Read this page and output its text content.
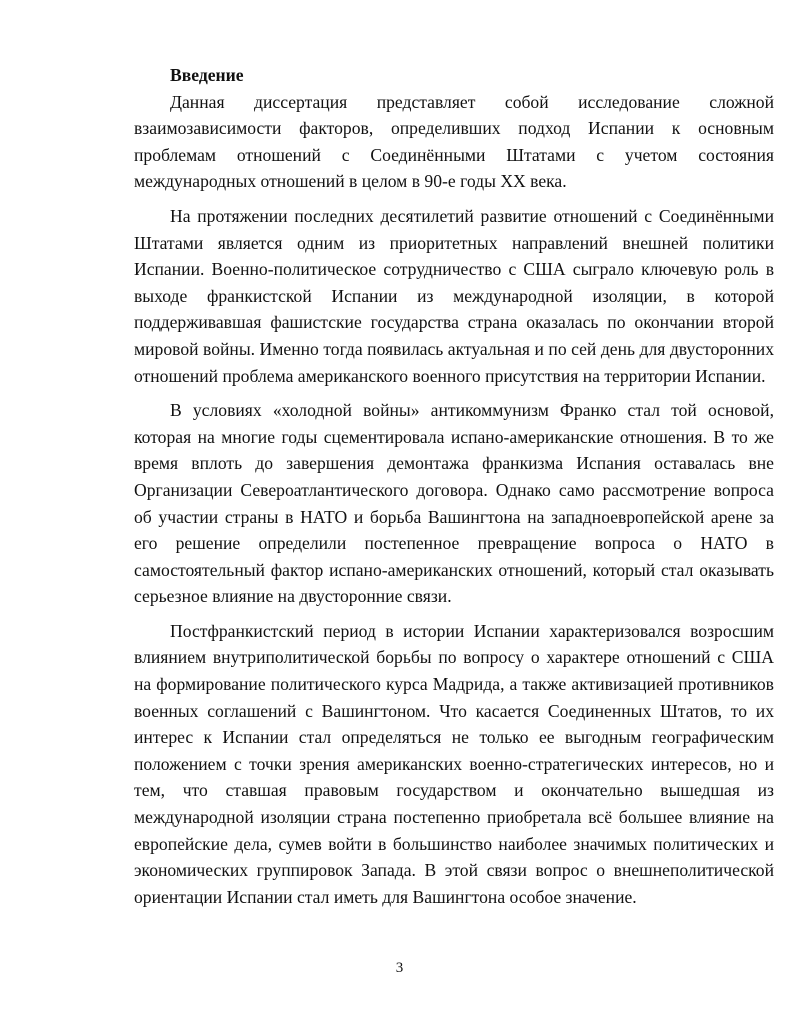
Введение

Данная диссертация представляет собой исследование сложной взаимозависимости факторов, определивших подход Испании к основным проблемам отношений с Соединёнными Штатами с учетом состояния международных отношений в целом в 90-е годы XX века.

На протяжении последних десятилетий развитие отношений с Соединёнными Штатами является одним из приоритетных направлений внешней политики Испании. Военно-политическое сотрудничество с США сыграло ключевую роль в выходе франкистской Испании из международной изоляции, в которой поддерживавшая фашистские государства страна оказалась по окончании второй мировой войны. Именно тогда появилась актуальная и по сей день для двусторонних отношений проблема американского военного присутствия на территории Испании.

В условиях «холодной войны» антикоммунизм Франко стал той основой, которая на многие годы сцементировала испано-американские отношения. В то же время вплоть до завершения демонтажа франкизма Испания оставалась вне Организации Североатлантического договора. Однако само рассмотрение вопроса об участии страны в НАТО и борьба Вашингтона на западноевропейской арене за его решение определили постепенное превращение вопроса о НАТО в самостоятельный фактор испано-американских отношений, который стал оказывать серьезное влияние на двусторонние связи.

Постфранкистский период в истории Испании характеризовался возросшим влиянием внутриполитической борьбы по вопросу о характере отношений с США на формирование политического курса Мадрида, а также активизацией противников военных соглашений с Вашингтоном. Что касается Соединенных Штатов, то их интерес к Испании стал определяться не только ее выгодным географическим положением с точки зрения американских военно-стратегических интересов, но и тем, что ставшая правовым государством и окончательно вышедшая из международной изоляции страна постепенно приобретала всё большее влияние на европейские дела, сумев войти в большинство наиболее значимых политических и экономических группировок Запада. В этой связи вопрос о внешнеполитической ориентации Испании стал иметь для Вашингтона особое значение.

3
